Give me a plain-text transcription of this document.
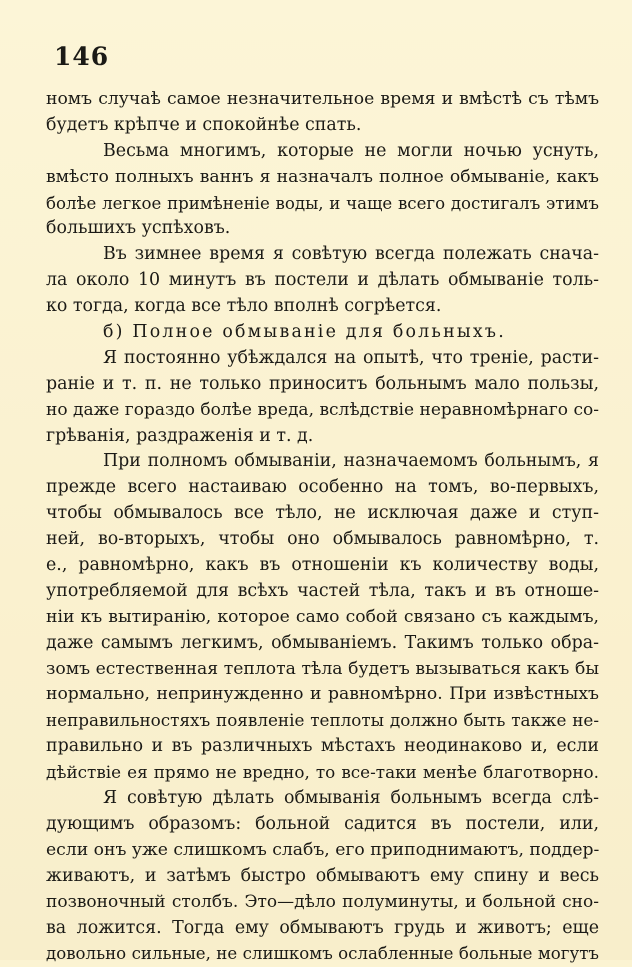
146
номъ случаѣ самое незначительное время и вмѣстѣ съ тѣмъ
будетъ крѣпче и спокойнѣе спать.
Весьма многимъ, которые не могли ночью уснуть,
вмѣсто полныхъ ваннъ я назначалъ полное обмываніе, какъ
болѣе легкое примѣненіе воды, и чаще всего достигалъ этимъ
большихъ успѣховъ.
Въ зимнее время я совѣтую всегда полежать снача-
ла около 10 минутъ въ постели и дѣлать обмываніе толь-
ко тогда, когда все тѣло вполнѣ согрѣется.
б) Полное обмываніе для больныхъ.
Я постоянно убѣждался на опытѣ, что треніе, расти-
раніе и т. п. не только приноситъ больнымъ мало пользы,
но даже гораздо болѣе вреда, вслѣдствіе неравномѣрнаго со-
грѣванія, раздраженія и т. д.
При полномъ обмываніи, назначаемомъ больнымъ, я
прежде всего настаиваю особенно на томъ, во-первыхъ,
чтобы обмывалось все тѣло, не исключая даже и ступ-
ней, во-вторыхъ, чтобы оно обмывалось равномѣрно, т.
е., равномѣрно, какъ въ отношеніи къ количеству воды,
употребляемой для всѣхъ частей тѣла, такъ и въ отноше-
ніи къ вытиранію, которое само собой связано съ каждымъ,
даже самымъ легкимъ, обмываніемъ. Такимъ только обра-
зомъ естественная теплота тѣла будетъ вызываться какъ бы
нормально, непринужденно и равномѣрно. При извѣстныхъ
неправильностяхъ появленіе теплоты должно быть также не-
правильно и въ различныхъ мѣстахъ неодинаково и, если
дѣйствіе ея прямо не вредно, то все-таки менѣе благотворно.
Я совѣтую дѣлать обмыванія больнымъ всегда слѣ-
дующимъ образомъ: больной садится въ постели, или,
если онъ уже слишкомъ слабъ, его приподнимаютъ, поддер-
живаютъ, и затѣмъ быстро обмываютъ ему спину и весь
позвоночный столбъ. Это—дѣло полуминуты, и больной сно-
ва ложится. Тогда ему обмываютъ грудь и животъ; еще
довольно сильные, не слишкомъ ослабленные больные могутъ
